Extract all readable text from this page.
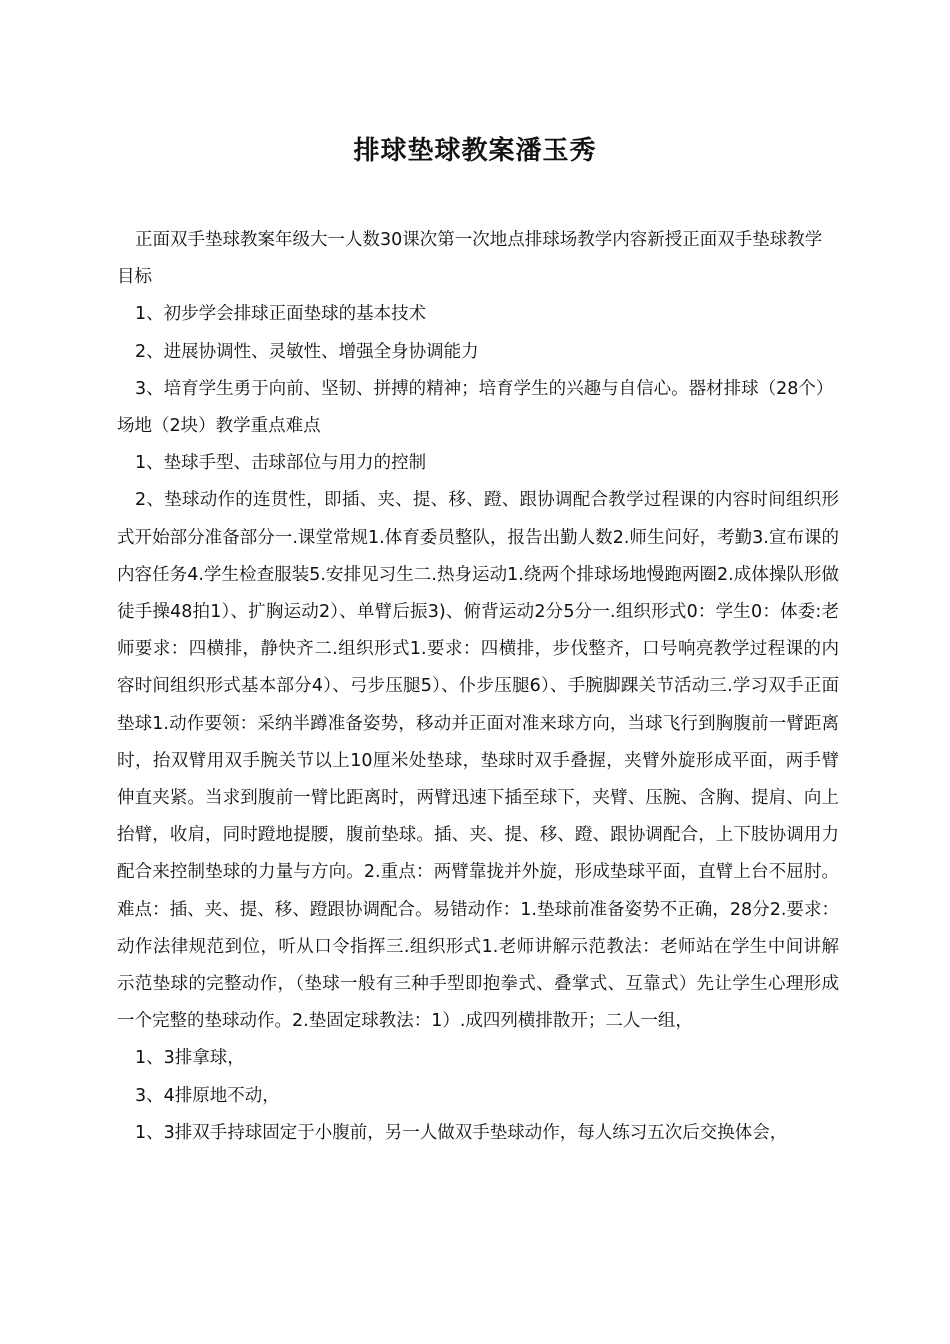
排球垫球教案潘玉秀

正面双手垫球教案年级大一人数30课次第一次地点排球场教学内容新授正面双手垫球教学目标

1、初步学会排球正面垫球的基本技术

2、进展协调性、灵敏性、增强全身协调能力

3、培育学生勇于向前、坚韧、拼搏的精神；培育学生的兴趣与自信心。器材排球（28个）场地（2块）教学重点难点

1、垫球手型、击球部位与用力的控制

2、垫球动作的连贯性，即插、夹、提、移、蹬、跟协调配合教学过程课的内容时间组织形式开始部分准备部分一.课堂常规1.体育委员整队，报告出勤人数2.师生问好，考勤3.宣布课的内容任务4.学生检查服装5.安排见习生二.热身运动1.绕两个排球场地慢跑两圈2.成体操队形做徒手操48拍1）、扩胸运动2）、单臂后振3)、俯背运动2分5分一.组织形式0：学生0：体委:老师要求：四横排，静快齐二.组织形式1.要求：四横排，步伐整齐，口号响亮教学过程课的内容时间组织形式基本部分4）、弓步压腿5）、仆步压腿6）、手腕脚踝关节活动三.学习双手正面垫球1.动作要领：采纳半蹲准备姿势，移动并正面对准来球方向，当球飞行到胸腹前一臂距离时，抬双臂用双手腕关节以上10厘米处垫球，垫球时双手叠握，夹臂外旋形成平面，两手臂伸直夹紧。当求到腹前一臂比距离时，两臂迅速下插至球下，夹臂、压腕、含胸、提肩、向上抬臂，收肩，同时蹬地提腰，腹前垫球。插、夹、提、移、蹬、跟协调配合，上下肢协调用力配合来控制垫球的力量与方向。2.重点：两臂靠拢并外旋，形成垫球平面，直臂上台不屈肘。难点：插、夹、提、移、蹬跟协调配合。易错动作：1.垫球前准备姿势不正确，28分2.要求：动作法律规范到位，听从口令指挥三.组织形式1.老师讲解示范教法：老师站在学生中间讲解示范垫球的完整动作，（垫球一般有三种手型即抱拳式、叠掌式、互靠式）先让学生心理形成一个完整的垫球动作。2.垫固定球教法：1）.成四列横排散开；二人一组，

1、3排拿球，

3、4排原地不动，

1、3排双手持球固定于小腹前，另一人做双手垫球动作，每人练习五次后交换体会，
